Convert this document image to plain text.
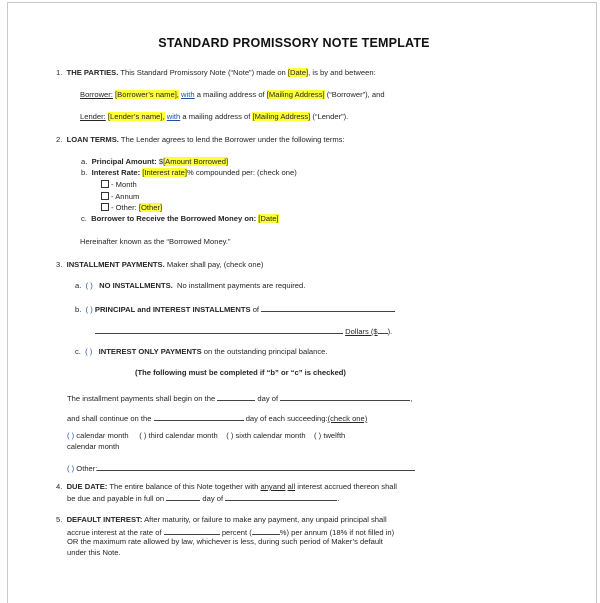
STANDARD PROMISSORY NOTE TEMPLATE
1. THE PARTIES. This Standard Promissory Note (“Note”) made on [Date], is by and between:
Borrower: [Borrower’s name], with a mailing address of [Mailing Address] (“Borrower”), and
Lender: [Lender’s name], with a mailing address of [Mailing Address] (“Lender”).
2. LOAN TERMS. The Lender agrees to lend the Borrower under the following terms:
a. Principal Amount: $[Amount Borrowed]
b. Interest Rate: [Interest rate]% compounded per: (check one)
- Month
- Annum
- Other: [Other]
c. Borrower to Receive the Borrowed Money on: [Date]
Hereinafter known as the “Borrowed Money.”
3. INSTALLMENT PAYMENTS. Maker shall pay, (check one)
a. ( ) NO INSTALLMENTS. No installment payments are required.
b. ( ) PRINCIPAL and INTEREST INSTALLMENTS of
Dollars ($ ).
c. ( ) INTEREST ONLY PAYMENTS on the outstanding principal balance.
(The following must be completed if “b” or “c” is checked)
The installment payments shall begin on the	day of	,
and shall continue on the	day of each succeeding:(check one)
( ) calendar month ( ) third calendar month ( ) sixth calendar month ( ) twelfth
calendar month
( ) Other:
4. DUE DATE: The entire balance of this Note together with anyand all interest accrued thereon shall
be due and payable in full on	day of	.
5. DEFAULT INTEREST: After maturity, or failure to make any payment, any unpaid principal shall
accrue interest at the rate of	percent (	%) per annum (18% if not filled in)
OR the maximum rate allowed by law, whichever is less, during such period of Maker’s default
under this Note.
